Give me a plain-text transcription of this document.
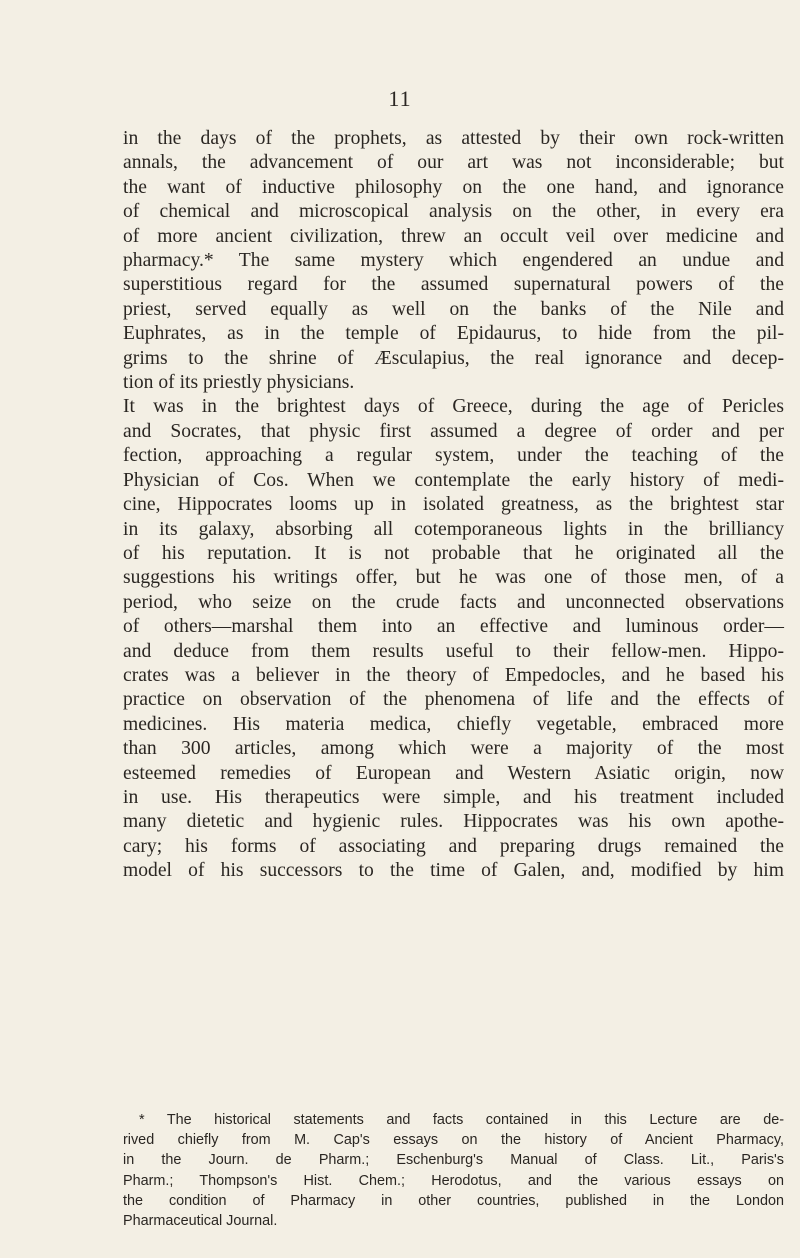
11
in the days of the prophets, as attested by their own rock-written
annals, the advancement of our art was not inconsiderable; but
the want of inductive philosophy on the one hand, and ignorance
of chemical and microscopical analysis on the other, in every era
of more ancient civilization, threw an occult veil over medicine and
pharmacy.* The same mystery which engendered an undue and
superstitious regard for the assumed supernatural powers of the
priest, served equally as well on the banks of the Nile and
Euphrates, as in the temple of Epidaurus, to hide from the pil-
grims to the shrine of Æsculapius, the real ignorance and decep-
tion of its priestly physicians.
It was in the brightest days of Greece, during the age of Pericles
and Socrates, that physic first assumed a degree of order and per
fection, approaching a regular system, under the teaching of the
Physician of Cos. When we contemplate the early history of medi-
cine, Hippocrates looms up in isolated greatness, as the brightest star
in its galaxy, absorbing all cotemporaneous lights in the brilliancy
of his reputation. It is not probable that he originated all the
suggestions his writings offer, but he was one of those men, of a
period, who seize on the crude facts and unconnected observations
of others—marshal them into an effective and luminous order—
and deduce from them results useful to their fellow-men. Hippo-
crates was a believer in the theory of Empedocles, and he based his
practice on observation of the phenomena of life and the effects of
medicines. His materia medica, chiefly vegetable, embraced more
than 300 articles, among which were a majority of the most
esteemed remedies of European and Western Asiatic origin, now
in use. His therapeutics were simple, and his treatment included
many dietetic and hygienic rules. Hippocrates was his own apothe-
cary; his forms of associating and preparing drugs remained the
model of his successors to the time of Galen, and, modified by him
* The historical statements and facts contained in this Lecture are de-
rived chiefly from M. Cap's essays on the history of Ancient Pharmacy,
in the Journ. de Pharm.; Eschenburg's Manual of Class. Lit., Paris's
Pharm.; Thompson's Hist. Chem.; Herodotus, and the various essays on
the condition of Pharmacy in other countries, published in the London
Pharmaceutical Journal.
